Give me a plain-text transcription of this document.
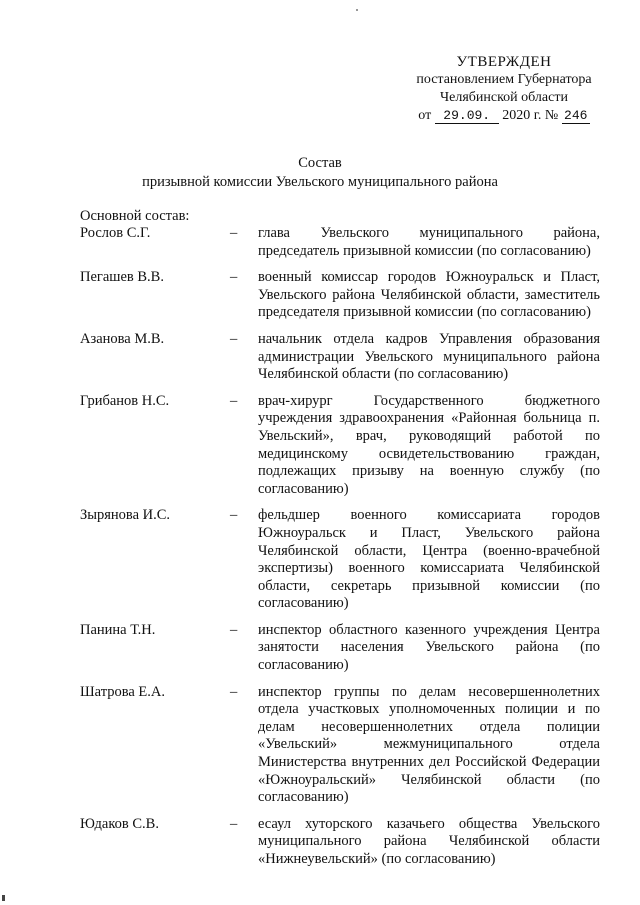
УТВЕРЖДЕН
постановлением Губернатора
Челябинской области
от 29.09. 2020 г. № 246
Состав
призывной комиссии Увельского муниципального района
Основной состав:
Рослов С.Г.	–	глава Увельского муниципального района, председатель призывной комиссии (по согласованию)
Пегашев В.В.	–	военный комиссар городов Южноуральск и Пласт, Увельского района Челябинской области, заместитель председателя призывной комиссии (по согласованию)
Азанова М.В.	–	начальник отдела кадров Управления образования администрации Увельского муниципального района Челябинской области (по согласованию)
Грибанов Н.С.	–	врач-хирург Государственного бюджетного учреждения здравоохранения «Районная больница п. Увельский», врач, руководящий работой по медицинскому освидетельствованию граждан, подлежащих призыву на военную службу (по согласованию)
Зырянова И.С.	–	фельдшер военного комиссариата городов Южноуральск и Пласт, Увельского района Челябинской области, Центра (военно-врачебной экспертизы) военного комиссариата Челябинской области, секретарь призывной комиссии (по согласованию)
Панина Т.Н.	–	инспектор областного казенного учреждения Центра занятости населения Увельского района (по согласованию)
Шатрова Е.А.	–	инспектор группы по делам несовершеннолетних отдела участковых уполномоченных полиции и по делам несовершеннолетних отдела полиции «Увельский» межмуниципального отдела Министерства внутренних дел Российской Федерации «Южноуральский» Челябинской области (по согласованию)
Юдаков С.В.	–	есаул хуторского казачьего общества Увельского муниципального района Челябинской области «Нижнеувельский» (по согласованию)
